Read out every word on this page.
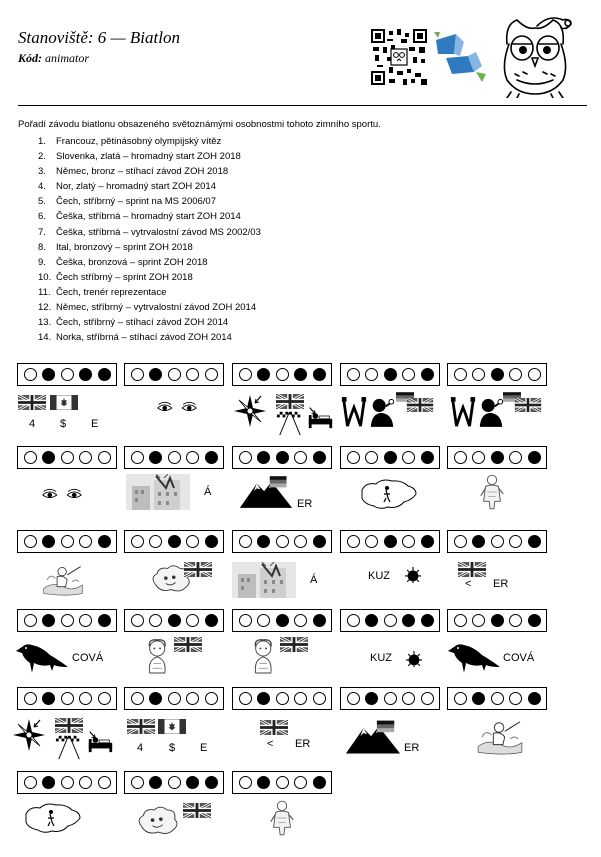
Stanoviště: 6 — Biatlon
Kód: animator
Pořadí závodu biatlonu obsazeného světoznámými osobnostmi tohoto zimního sportu.
1. Francouz, pětinásobný olympijský vítěz
2. Slovenka, zlatá – hromadný start ZOH 2018
3. Němec, bronz – stíhací závod ZOH 2018
4. Nor, zlatý – hromadný start ZOH 2014
5. Čech, stříbrný – sprint na MS 2006/07
6. Češka, stříbrná – hromadný start ZOH 2014
7. Češka, stříbrná – vytrvalostní závod MS 2002/03
8. Ital, bronzový – sprint ZOH 2018
9. Češka, bronzová – sprint ZOH 2018
10. Čech stříbrný – sprint ZOH 2018
11. Čech, trenér reprezentace
12. Němec, stříbrný – vytrvalostní závod ZOH 2014
13. Čech, stříbrný – stíhací závod ZOH 2014
14. Norka, stříbrná – stíhací závod ZOH 2014
4 $ E
Á
ER
Á	KUZ
< ER
COVÁ	KUZ	COVÁ
4 $ E	< ER	ER
